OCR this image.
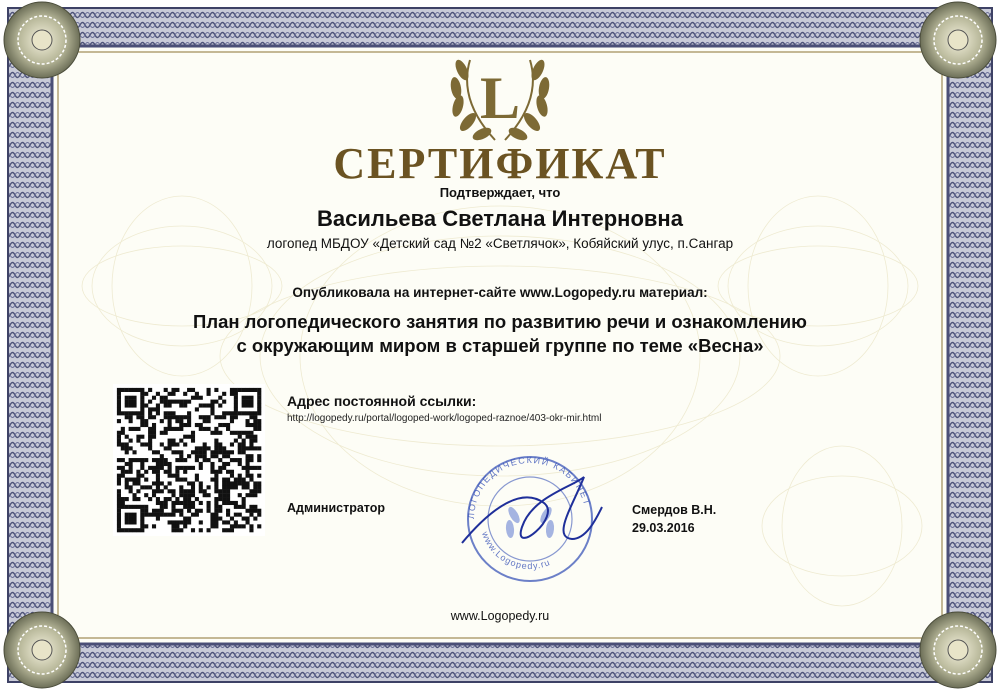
L
СЕРТИФИКАТ
Подтверждает, что
Васильева Светлана Интерновна
логопед МБДОУ «Детский сад №2 «Светлячок», Кобяйский улус, п.Сангар
Опубликовала на интернет-сайте www.Logopedy.ru материал:
План логопедического занятия по развитию речи и ознакомлению
с окружающим миром в старшей группе по теме «Весна»
Адрес постоянной ссылки:
http://logopedy.ru/portal/logoped-work/logoped-raznoe/403-okr-mir.html
Администратор
ЛОГОПЕДИЧЕСКИЙ КАБИНЕТ
www.Logopedy.ru
Смердов В.Н.
29.03.2016
www.Logopedy.ru
